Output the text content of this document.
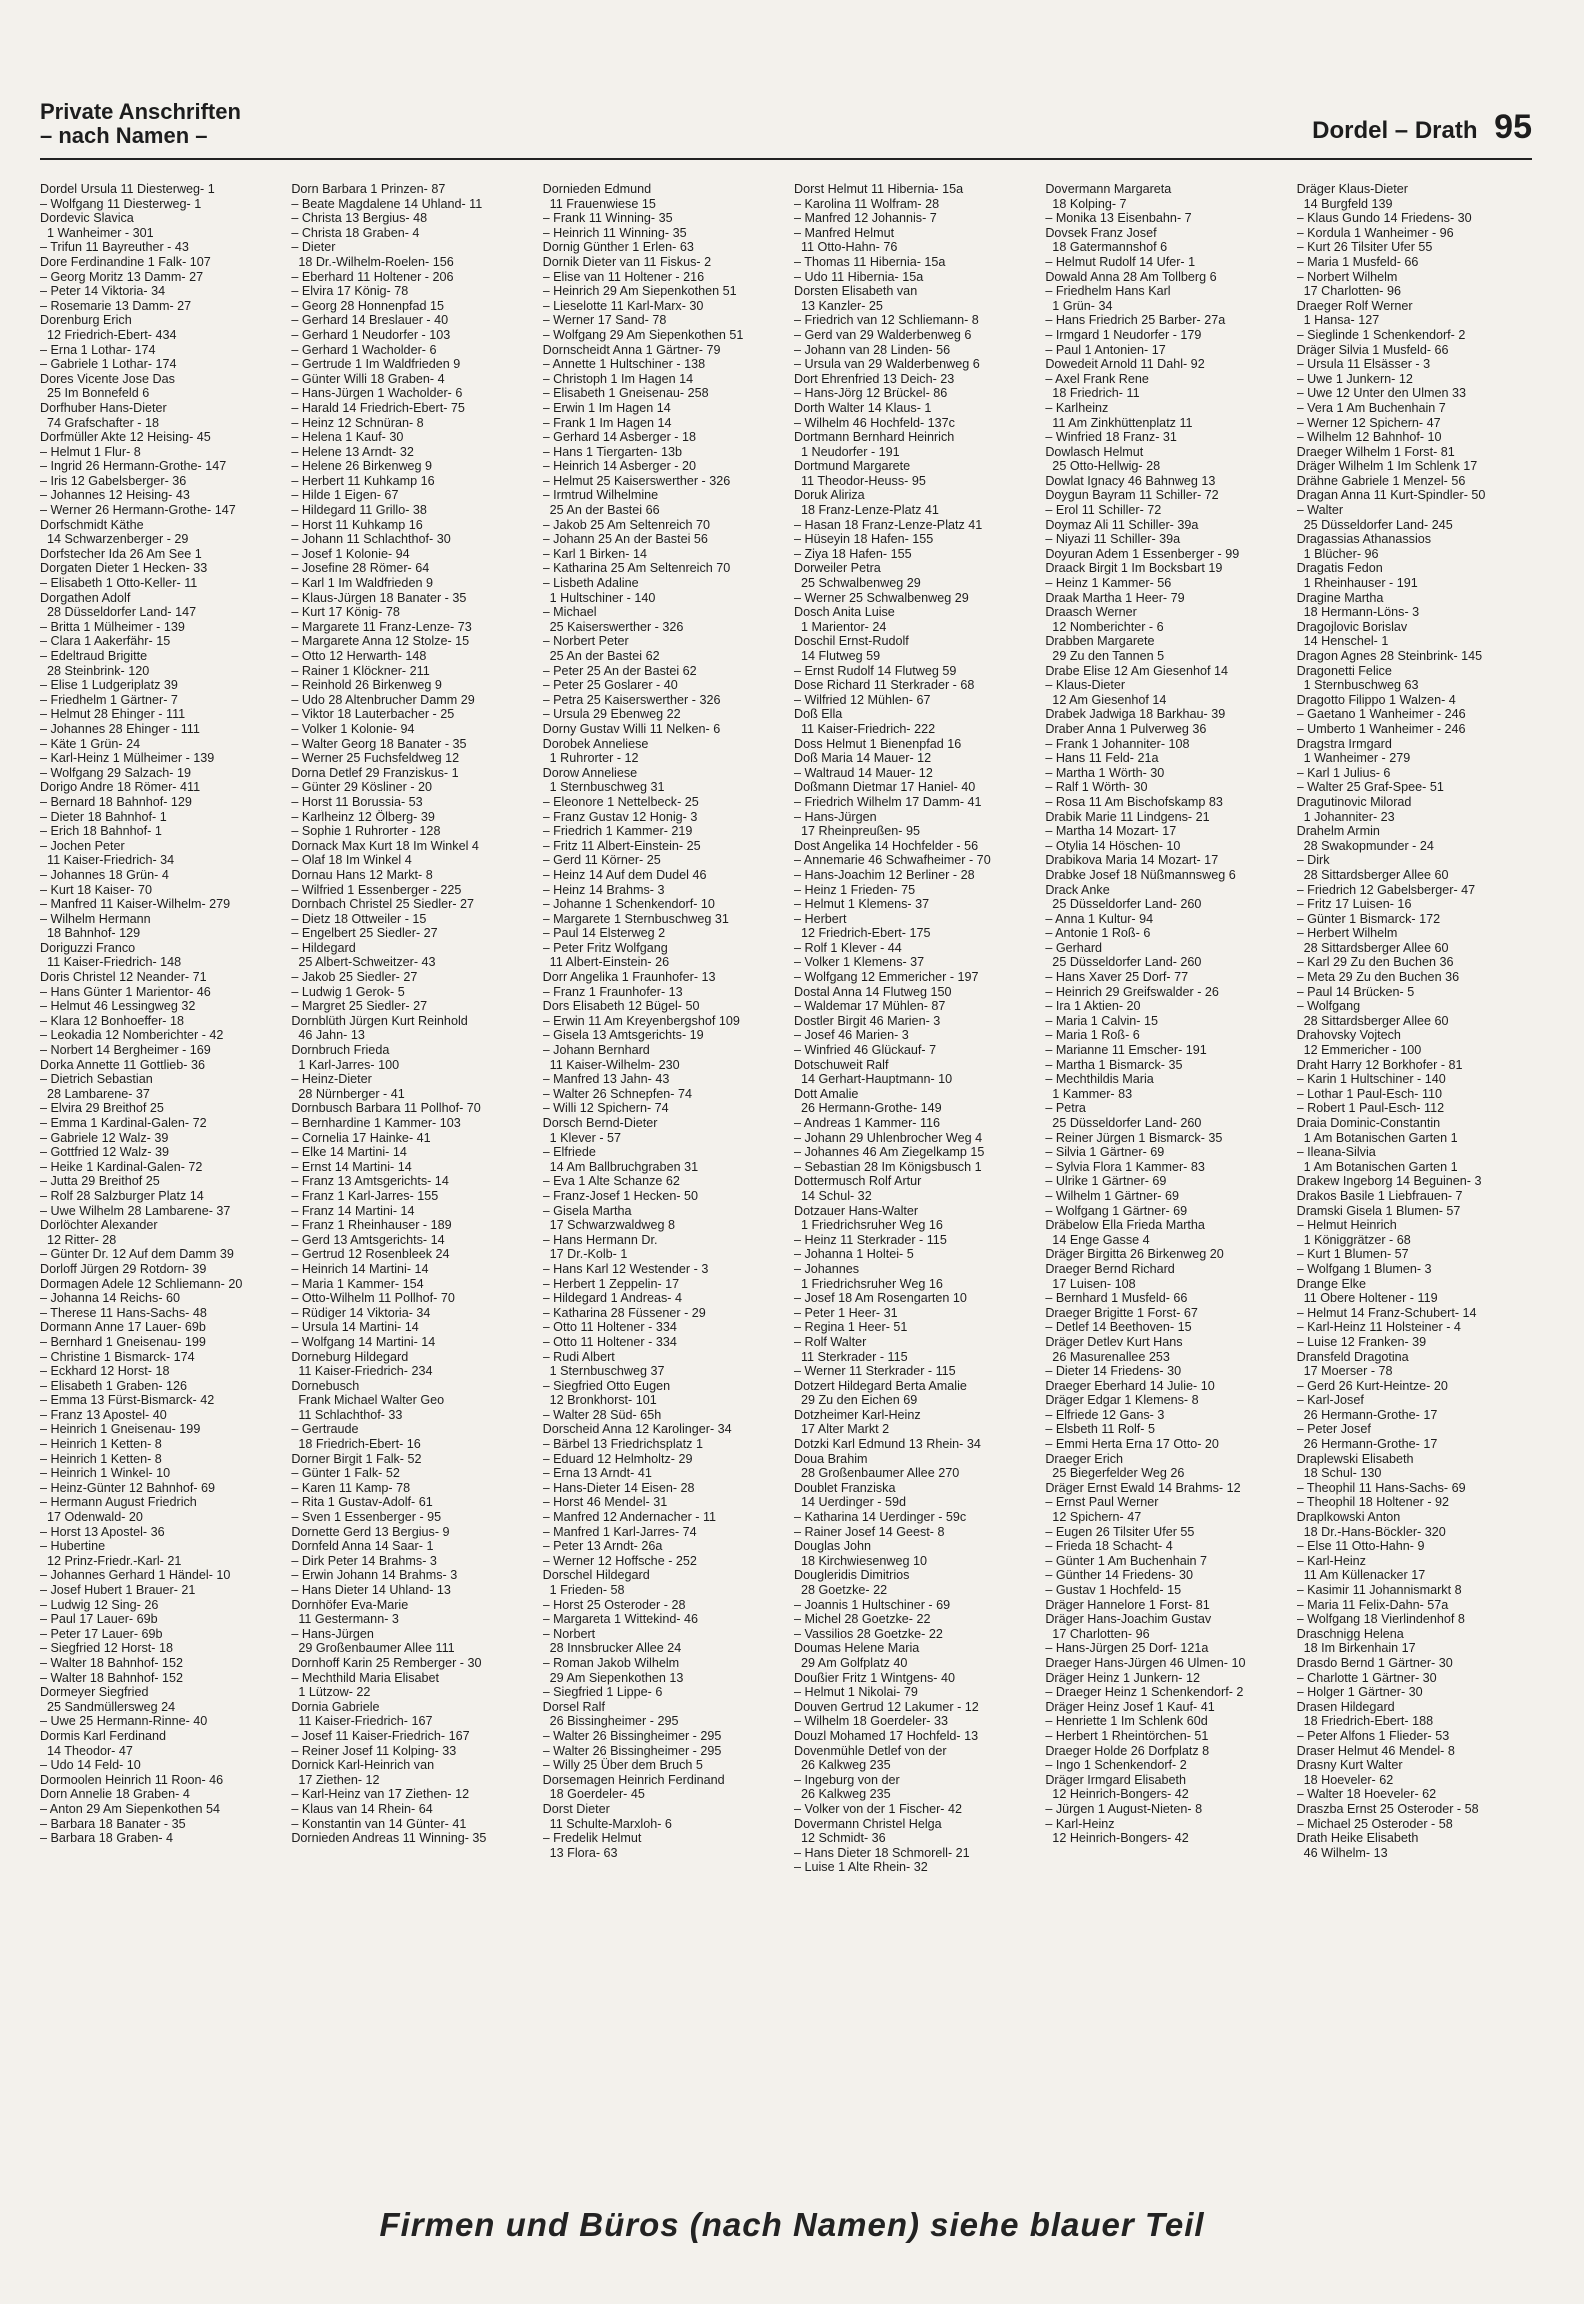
Private Anschriften
– nach Namen –	Dordel – Drath 95
Dordel Ursula 11 Diesterweg- 1
– Wolfgang 11 Diesterweg- 1
Dordevic Slavica
1 Wanheimer - 301
– Trifun 11 Bayreuther - 43
Dore Ferdinandine 1 Falk- 107
– Georg Moritz 13 Damm- 27
– Peter 14 Viktoria- 34
– Rosemarie 13 Damm- 27
Dorenburg Erich
12 Friedrich-Ebert- 434
– Erna 1 Lothar- 174
– Gabriele 1 Lothar- 174
Dores Vicente Jose Das
25 Im Bonnefeld 6
Dorfhuber Hans-Dieter
74 Grafschafter - 18
Dorfmüller Akte 12 Heising- 45
– Helmut 1 Flur- 8
– Ingrid 26 Hermann-Grothe- 147
– Iris 12 Gabelsberger- 36
– Johannes 12 Heising- 43
– Werner 26 Hermann-Grothe- 147
Dorfschmidt Käthe
14 Schwarzenberger - 29
Dorfstecher Ida 26 Am See 1
Dorgaten Dieter 1 Hecken- 33
– Elisabeth 1 Otto-Keller- 11
Dorgathen Adolf
28 Düsseldorfer Land- 147
– Britta 1 Mülheimer - 139
– Clara 1 Aakerfähr- 15
– Edeltraud Brigitte
28 Steinbrink- 120
– Elise 1 Ludgeriplatz 39
– Friedhelm 1 Gärtner- 7
– Helmut 28 Ehinger - 111
– Johannes 28 Ehinger - 111
– Käte 1 Grün- 24
– Karl-Heinz 1 Mülheimer - 139
– Wolfgang 29 Salzach- 19
Dorigo Andre 18 Römer- 411
– Bernard 18 Bahnhof- 129
– Dieter 18 Bahnhof- 1
– Erich 18 Bahnhof- 1
– Jochen Peter
11 Kaiser-Friedrich- 34
– Johannes 18 Grün- 4
– Kurt 18 Kaiser- 70
– Manfred 11 Kaiser-Wilhelm- 279
– Wilhelm Hermann
18 Bahnhof- 129
Doriguzzi Franco
11 Kaiser-Friedrich- 148
Doris Christel 12 Neander- 71
– Hans Günter 1 Marientor- 46
– Helmut 46 Lessingweg 32
– Klara 12 Bonhoeffer- 18
– Leokadia 12 Nomberichter - 42
– Norbert 14 Bergheimer - 169
Dorka Annette 11 Gottlieb- 36
– Dietrich Sebastian
28 Lambarene- 37
– Elvira 29 Breithof 25
– Emma 1 Kardinal-Galen- 72
– Gabriele 12 Walz- 39
– Gottfried 12 Walz- 39
– Heike 1 Kardinal-Galen- 72
– Jutta 29 Breithof 25
– Rolf 28 Salzburger Platz 14
– Uwe Wilhelm 28 Lambarene- 37
Dorlöchter Alexander
12 Ritter- 28
– Günter Dr. 12 Auf dem Damm 39
Dorloff Jürgen 29 Rotdorn- 39
Dormagen Adele 12 Schliemann- 20
– Johanna 14 Reichs- 60
– Therese 11 Hans-Sachs- 48
Dormann Anne 17 Lauer- 69b
– Bernhard 1 Gneisenau- 199
– Christine 1 Bismarck- 174
– Eckhard 12 Horst- 18
– Elisabeth 1 Graben- 126
– Emma 13 Fürst-Bismarck- 42
– Franz 13 Apostel- 40
– Heinrich 1 Gneisenau- 199
– Heinrich 1 Ketten- 8
– Heinrich 1 Ketten- 8
– Heinrich 1 Winkel- 10
– Heinz-Günter 12 Bahnhof- 69
– Hermann August Friedrich
17 Odenwald- 20
– Horst 13 Apostel- 36
– Hubertine
12 Prinz-Friedr.-Karl- 21
– Johannes Gerhard 1 Händel- 10
– Josef Hubert 1 Brauer- 21
– Ludwig 12 Sing- 26
– Paul 17 Lauer- 69b
– Peter 17 Lauer- 69b
– Siegfried 12 Horst- 18
– Walter 18 Bahnhof- 152
– Walter 18 Bahnhof- 152
Dormeyer Siegfried
25 Sandmüllersweg 24
– Uwe 25 Hermann-Rinne- 40
Dormis Karl Ferdinand
14 Theodor- 47
– Udo 14 Feld- 10
Dormoolen Heinrich 11 Roon- 46
Dorn Annelie 18 Graben- 4
– Anton 29 Am Siepenkothen 54
– Barbara 18 Banater - 35
– Barbara 18 Graben- 4
Dorn Barbara 1 Prinzen- 87
– Beate Magdalene 14 Uhland- 11
– Christa 13 Bergius- 48
– Christa 18 Graben- 4
– Dieter
18 Dr.-Wilhelm-Roelen- 156
– Eberhard 11 Holtener - 206
– Elvira 17 König- 78
– Georg 28 Honnenpfad 15
– Gerhard 14 Breslauer - 40
– Gerhard 1 Neudorfer - 103
– Gerhard 1 Wacholder- 6
– Gertrude 1 Im Waldfrieden 9
– Günter Willi 18 Graben- 4
– Hans-Jürgen 1 Wacholder- 6
– Harald 14 Friedrich-Ebert- 75
– Heinz 12 Schnüran- 8
– Helena 1 Kauf- 30
– Helene 13 Arndt- 32
– Helene 26 Birkenweg 9
– Herbert 11 Kuhkamp 16
– Hilde 1 Eigen- 67
– Hildegard 11 Grillo- 38
– Horst 11 Kuhkamp 16
– Johann 11 Schlachthof- 30
– Josef 1 Kolonie- 94
– Josefine 28 Römer- 64
– Karl 1 Im Waldfrieden 9
– Klaus-Jürgen 18 Banater - 35
– Kurt 17 König- 78
– Margarete 11 Franz-Lenze- 73
– Margarete Anna 12 Stolze- 15
– Otto 12 Herwarth- 148
– Rainer 1 Klöckner- 211
– Reinhold 26 Birkenweg 9
– Udo 28 Altenbrucher Damm 29
– Viktor 18 Lauterbacher - 25
– Volker 1 Kolonie- 94
– Walter Georg 18 Banater - 35
– Werner 25 Fuchsfeldweg 12
Dorna Detlef 29 Franziskus- 1
– Günter 29 Kösliner - 20
– Horst 11 Borussia- 53
– Karlheinz 12 Ölberg- 39
– Sophie 1 Ruhrorter - 128
Dornack Max Kurt 18 Im Winkel 4
– Olaf 18 Im Winkel 4
Dornau Hans 12 Markt- 8
– Wilfried 1 Essenberger - 225
Dornbach Christel 25 Siedler- 27
– Dietz 18 Ottweiler - 15
– Engelbert 25 Siedler- 27
– Hildegard
25 Albert-Schweitzer- 43
– Jakob 25 Siedler- 27
– Ludwig 1 Gerok- 5
– Margret 25 Siedler- 27
Dornblüth Jürgen Kurt Reinhold
46 Jahn- 13
Dornbruch Frieda
1 Karl-Jarres- 100
– Heinz-Dieter
28 Nürnberger - 41
Dornbusch Barbara 11 Pollhof- 70
– Bernhardine 1 Kammer- 103
– Cornelia 17 Hainke- 41
– Elke 14 Martini- 14
– Ernst 14 Martini- 14
– Franz 13 Amtsgerichts- 14
– Franz 1 Karl-Jarres- 155
– Franz 14 Martini- 14
– Franz 1 Rheinhauser - 189
– Gerd 13 Amtsgerichts- 14
– Gertrud 12 Rosenbleek 24
– Heinrich 14 Martini- 14
– Maria 1 Kammer- 154
– Otto-Wilhelm 11 Pollhof- 70
– Rüdiger 14 Viktoria- 34
– Ursula 14 Martini- 14
– Wolfgang 14 Martini- 14
Dorneburg Hildegard
11 Kaiser-Friedrich- 234
Dornebusch
Frank Michael Walter Geo
11 Schlachthof- 33
– Gertraude
18 Friedrich-Ebert- 16
Dorner Birgit 1 Falk- 52
– Günter 1 Falk- 52
– Karen 11 Kamp- 78
– Rita 1 Gustav-Adolf- 61
– Sven 1 Essenberger - 95
Dornette Gerd 13 Bergius- 9
Dornfeld Anna 14 Saar- 1
– Dirk Peter 14 Brahms- 3
– Erwin Johann 14 Brahms- 3
– Hans Dieter 14 Uhland- 13
Dornhöfer Eva-Marie
11 Gestermann- 3
– Hans-Jürgen
29 Großenbaumer Allee 111
Dornhoff Karin 25 Remberger - 30
– Mechthild Maria Elisabet
1 Lützow- 22
Dornia Gabriele
11 Kaiser-Friedrich- 167
– Josef 11 Kaiser-Friedrich- 167
– Reiner Josef 11 Kolping- 33
Dornick Karl-Heinrich van
17 Ziethen- 12
– Karl-Heinz van 17 Ziethen- 12
– Klaus van 14 Rhein- 64
– Konstantin van 14 Günter- 41
Dornieden Andreas 11 Winning- 35
Dornieden Edmund
11 Frauenwiese 15
– Frank 11 Winning- 35
– Heinrich 11 Winning- 35
Dornig Günther 1 Erlen- 63
Dornik Dieter van 11 Fiskus- 2
– Elise van 11 Holtener - 216
– Heinrich 29 Am Siepenkothen 51
– Lieselotte 11 Karl-Marx- 30
– Werner 17 Sand- 78
– Wolfgang 29 Am Siepenkothen 51
Dornscheidt Anna 1 Gärtner- 79
– Annette 1 Hultschiner - 138
– Christoph 1 Im Hagen 14
– Elisabeth 1 Gneisenau- 258
– Erwin 1 Im Hagen 14
– Frank 1 Im Hagen 14
– Gerhard 14 Asberger - 18
– Hans 1 Tiergarten- 13b
– Heinrich 14 Asberger - 20
– Helmut 25 Kaiserswerther - 326
– Irmtrud Wilhelmine
25 An der Bastei 66
– Jakob 25 Am Seltenreich 70
– Johann 25 An der Bastei 56
– Karl 1 Birken- 14
– Katharina 25 Am Seltenreich 70
– Lisbeth Adaline
1 Hultschiner - 140
– Michael
25 Kaiserswerther - 326
– Norbert Peter
25 An der Bastei 62
– Peter 25 An der Bastei 62
– Peter 25 Goslarer - 40
– Petra 25 Kaiserswerther - 326
– Ursula 29 Ebenweg 22
Dorny Gustav Willi 11 Nelken- 6
Dorobek Anneliese
1 Ruhrorter - 12
Dorow Anneliese
1 Sternbuschweg 31
– Eleonore 1 Nettelbeck- 25
– Franz Gustav 12 Honig- 3
– Friedrich 1 Kammer- 219
– Fritz 11 Albert-Einstein- 25
– Gerd 11 Körner- 25
– Heinz 14 Auf dem Dudel 46
– Heinz 14 Brahms- 3
– Johanne 1 Schenkendorf- 10
– Margarete 1 Sternbuschweg 31
– Paul 14 Elsterweg 2
– Peter Fritz Wolfgang
11 Albert-Einstein- 26
Dorr Angelika 1 Fraunhofer- 13
– Franz 1 Fraunhofer- 13
Dors Elisabeth 12 Bügel- 50
– Erwin 11 Am Kreyenbergshof 109
– Gisela 13 Amtsgerichts- 19
– Johann Bernhard
11 Kaiser-Wilhelm- 230
– Manfred 13 Jahn- 43
– Walter 26 Schnepfen- 74
– Willi 12 Spichern- 74
Dorsch Bernd-Dieter
1 Klever - 57
– Elfriede
14 Am Ballbruchgraben 31
– Eva 1 Alte Schanze 62
– Franz-Josef 1 Hecken- 50
– Gisela Martha
17 Schwarzwaldweg 8
– Hans Hermann Dr.
17 Dr.-Kolb- 1
– Hans Karl 12 Westender - 3
– Herbert 1 Zeppelin- 17
– Hildegard 1 Andreas- 4
– Katharina 28 Füssener - 29
– Otto 11 Holtener - 334
– Otto 11 Holtener - 334
– Rudi Albert
1 Sternbuschweg 37
– Siegfried Otto Eugen
12 Bronkhorst- 101
– Walter 28 Süd- 65h
Dorscheid Anna 12 Karolinger- 34
– Bärbel 13 Friedrichsplatz 1
– Eduard 12 Helmholtz- 29
– Erna 13 Arndt- 41
– Hans-Dieter 14 Eisen- 28
– Horst 46 Mendel- 31
– Manfred 12 Andernacher - 11
– Manfred 1 Karl-Jarres- 74
– Peter 13 Arndt- 26a
– Werner 12 Hoffsche - 252
Dorschel Hildegard
1 Frieden- 58
– Horst 25 Osteroder - 28
– Margareta 1 Wittekind- 46
– Norbert
28 Innsbrucker Allee 24
– Roman Jakob Wilhelm
29 Am Siepenkothen 13
– Siegfried 1 Lippe- 6
Dorsel Ralf
26 Bissingheimer - 295
– Walter 26 Bissingheimer - 295
– Walter 26 Bissingheimer - 295
– Willy 25 Über dem Bruch 5
Dorsemagen Heinrich Ferdinand
18 Goerdeler- 45
Dorst Dieter
11 Schulte-Marxloh- 6
– Fredelik Helmut
13 Flora- 63
Dorst Helmut 11 Hibernia- 15a
– Karolina 11 Wolfram- 28
– Manfred 12 Johannis- 7
– Manfred Helmut
11 Otto-Hahn- 76
– Thomas 11 Hibernia- 15a
– Udo 11 Hibernia- 15a
Dorsten Elisabeth van
13 Kanzler- 25
– Friedrich van 12 Schliemann- 8
– Gerd van 29 Walderbenweg 6
– Johann van 28 Linden- 56
– Ursula van 29 Walderbenweg 6
Dort Ehrenfried 13 Deich- 23
– Hans-Jörg 12 Brückel- 86
Dorth Walter 14 Klaus- 1
– Wilhelm 46 Hochfeld- 137c
Dortmann Bernhard Heinrich
1 Neudorfer - 191
Dortmund Margarete
11 Theodor-Heuss- 95
Doruk Aliriza
18 Franz-Lenze-Platz 41
– Hasan 18 Franz-Lenze-Platz 41
– Hüseyin 18 Hafen- 155
– Ziya 18 Hafen- 155
Dorweiler Petra
25 Schwalbenweg 29
– Werner 25 Schwalbenweg 29
Dosch Anita Luise
1 Marientor- 24
Doschil Ernst-Rudolf
14 Flutweg 59
– Ernst Rudolf 14 Flutweg 59
Dose Richard 11 Sterkrader - 68
– Wilfried 12 Mühlen- 67
Doß Ella
11 Kaiser-Friedrich- 222
Doss Helmut 1 Bienenpfad 16
Doß Maria 14 Mauer- 12
– Waltraud 14 Mauer- 12
Doßmann Dietmar 17 Haniel- 40
– Friedrich Wilhelm 17 Damm- 41
– Hans-Jürgen
17 Rheinpreußen- 95
Dost Angelika 14 Hochfelder - 56
– Annemarie 46 Schwafheimer - 70
– Hans-Joachim 12 Berliner - 28
– Heinz 1 Frieden- 75
– Helmut 1 Klemens- 37
– Herbert
12 Friedrich-Ebert- 175
– Rolf 1 Klever - 44
– Volker 1 Klemens- 37
– Wolfgang 12 Emmericher - 197
Dostal Anna 14 Flutweg 150
– Waldemar 17 Mühlen- 87
Dostler Birgit 46 Marien- 3
– Josef 46 Marien- 3
– Winfried 46 Glückauf- 7
Dotschuweit Ralf
14 Gerhart-Hauptmann- 10
Dott Amalie
26 Hermann-Grothe- 149
– Andreas 1 Kammer- 116
– Johann 29 Uhlenbrocher Weg 4
– Johannes 46 Am Ziegelkamp 15
– Sebastian 28 Im Königsbusch 1
Dottermusch Rolf Artur
14 Schul- 32
Dotzauer Hans-Walter
1 Friedrichsruher Weg 16
– Heinz 11 Sterkrader - 115
– Johanna 1 Holtei- 5
– Johannes
1 Friedrichsruher Weg 16
– Josef 18 Am Rosengarten 10
– Peter 1 Heer- 31
– Regina 1 Heer- 51
– Rolf Walter
11 Sterkrader - 115
– Werner 11 Sterkrader - 115
Dotzert Hildegard Berta Amalie
29 Zu den Eichen 69
Dotzheimer Karl-Heinz
17 Alter Markt 2
Dotzki Karl Edmund 13 Rhein- 34
Doua Brahim
28 Großenbaumer Allee 270
Doublet Franziska
14 Uerdinger - 59d
– Katharina 14 Uerdinger - 59c
– Rainer Josef 14 Geest- 8
Douglas John
18 Kirchwiesenweg 10
Dougleridis Dimitrios
28 Goetzke- 22
– Joannis 1 Hultschiner - 69
– Michel 28 Goetzke- 22
– Vassilios 28 Goetzke- 22
Doumas Helene Maria
29 Am Golfplatz 40
Doußier Fritz 1 Wintgens- 40
– Helmut 1 Nikolai- 79
Douven Gertrud 12 Lakumer - 12
– Wilhelm 18 Goerdeler- 33
Douzl Mohamed 17 Hochfeld- 13
Dovenmühle Detlef von der
26 Kalkweg 235
– Ingeburg von der
26 Kalkweg 235
– Volker von der 1 Fischer- 42
Dovermann Christel Helga
12 Schmidt- 36
– Hans Dieter 18 Schmorell- 21
– Luise 1 Alte Rhein- 32
Dovermann Margareta
18 Kolping- 7
– Monika 13 Eisenbahn- 7
Dovsek Franz Josef
18 Gatermannshof 6
– Helmut Rudolf 14 Ufer- 1
Dowald Anna 28 Am Tollberg 6
– Friedhelm Hans Karl
1 Grün- 34
– Hans Friedrich 25 Barber- 27a
– Irmgard 1 Neudorfer - 179
– Paul 1 Antonien- 17
Dowedeit Arnold 11 Dahl- 92
– Axel Frank Rene
18 Friedrich- 11
– Karlheinz
11 Am Zinkhüttenplatz 11
– Winfried 18 Franz- 31
Dowlasch Helmut
25 Otto-Hellwig- 28
Dowlat Ignacy 46 Bahnweg 13
Doygun Bayram 11 Schiller- 72
– Erol 11 Schiller- 72
Doymaz Ali 11 Schiller- 39a
– Niyazi 11 Schiller- 39a
Doyuran Adem 1 Essenberger - 99
Draack Birgit 1 Im Bocksbart 19
– Heinz 1 Kammer- 56
Draak Martha 1 Heer- 79
Draasch Werner
12 Nomberichter - 6
Drabben Margarete
29 Zu den Tannen 5
Drabe Elise 12 Am Giesenhof 14
– Klaus-Dieter
12 Am Giesenhof 14
Drabek Jadwiga 18 Barkhau- 39
Draber Anna 1 Pulverweg 36
– Frank 1 Johanniter- 108
– Hans 11 Feld- 21a
– Martha 1 Wörth- 30
– Ralf 1 Wörth- 30
– Rosa 11 Am Bischofskamp 83
Drabik Marie 11 Lindgens- 21
– Martha 14 Mozart- 17
– Otylia 14 Höschen- 10
Drabikova Maria 14 Mozart- 17
Drabke Josef 18 Nüßmannsweg 6
Drack Anke
25 Düsseldorfer Land- 260
– Anna 1 Kultur- 94
– Antonie 1 Roß- 6
– Gerhard
25 Düsseldorfer Land- 260
– Hans Xaver 25 Dorf- 77
– Heinrich 29 Greifswalder - 26
– Ira 1 Aktien- 20
– Maria 1 Calvin- 15
– Maria 1 Roß- 6
– Marianne 11 Emscher- 191
– Martha 1 Bismarck- 35
– Mechthildis Maria
1 Kammer- 83
– Petra
25 Düsseldorfer Land- 260
– Reiner Jürgen 1 Bismarck- 35
– Silvia 1 Gärtner- 69
– Sylvia Flora 1 Kammer- 83
– Ulrike 1 Gärtner- 69
– Wilhelm 1 Gärtner- 69
– Wolfgang 1 Gärtner- 69
Dräbelow Ella Frieda Martha
14 Enge Gasse 4
Dräger Birgitta 26 Birkenweg 20
Draeger Bernd Richard
17 Luisen- 108
– Bernhard 1 Musfeld- 66
Draeger Brigitte 1 Forst- 67
– Detlef 14 Beethoven- 15
Dräger Detlev Kurt Hans
26 Masurenallee 253
– Dieter 14 Friedens- 30
Draeger Eberhard 14 Julie- 10
Dräger Edgar 1 Klemens- 8
– Elfriede 12 Gans- 3
– Elsbeth 11 Rolf- 5
– Emmi Herta Erna 17 Otto- 20
Draeger Erich
25 Biegerfelder Weg 26
Dräger Ernst Ewald 14 Brahms- 12
– Ernst Paul Werner
12 Spichern- 47
– Eugen 26 Tilsiter Ufer 55
– Frieda 18 Schacht- 4
– Günter 1 Am Buchenhain 7
– Günther 14 Friedens- 30
– Gustav 1 Hochfeld- 15
Dräger Hannelore 1 Forst- 81
Dräger Hans-Joachim Gustav
17 Charlotten- 96
– Hans-Jürgen 25 Dorf- 121a
Draeger Hans-Jürgen 46 Ulmen- 10
Dräger Heinz 1 Junkern- 12
– Draeger Heinz 1 Schenkendorf- 2
Dräger Heinz Josef 1 Kauf- 41
– Henriette 1 Im Schlenk 60d
– Herbert 1 Rheintörchen- 51
Draeger Holde 26 Dorfplatz 8
– Ingo 1 Schenkendorf- 2
Dräger Irmgard Elisabeth
12 Heinrich-Bongers- 42
– Jürgen 1 August-Nieten- 8
– Karl-Heinz
12 Heinrich-Bongers- 42
Dräger Klaus-Dieter
14 Burgfeld 139
– Klaus Gundo 14 Friedens- 30
– Kordula 1 Wanheimer - 96
– Kurt 26 Tilsiter Ufer 55
– Maria 1 Musfeld- 66
– Norbert Wilhelm
17 Charlotten- 96
Draeger Rolf Werner
1 Hansa- 127
– Sieglinde 1 Schenkendorf- 2
Dräger Silvia 1 Musfeld- 66
– Ursula 11 Elsässer - 3
– Uwe 1 Junkern- 12
– Uwe 12 Unter den Ulmen 33
– Vera 1 Am Buchenhain 7
– Werner 12 Spichern- 47
– Wilhelm 12 Bahnhof- 10
Draeger Wilhelm 1 Forst- 81
Dräger Wilhelm 1 Im Schlenk 17
Drähne Gabriele 1 Menzel- 56
Dragan Anna 11 Kurt-Spindler- 50
– Walter
25 Düsseldorfer Land- 245
Dragassias Athanassios
1 Blücher- 96
Dragatis Fedon
1 Rheinhauser - 191
Dragine Martha
18 Hermann-Löns- 3
Dragojlovic Borislav
14 Henschel- 1
Dragon Agnes 28 Steinbrink- 145
Dragonetti Felice
1 Sternbuschweg 63
Dragotto Filippo 1 Walzen- 4
– Gaetano 1 Wanheimer - 246
– Umberto 1 Wanheimer - 246
Dragstra Irmgard
1 Wanheimer - 279
– Karl 1 Julius- 6
– Walter 25 Graf-Spee- 51
Dragutinovic Milorad
1 Johanniter- 23
Drahelm Armin
28 Swakopmunder - 24
– Dirk
28 Sittardsberger Allee 60
– Friedrich 12 Gabelsberger- 47
– Fritz 17 Luisen- 16
– Günter 1 Bismarck- 172
– Herbert Wilhelm
28 Sittardsberger Allee 60
– Karl 29 Zu den Buchen 36
– Meta 29 Zu den Buchen 36
– Paul 14 Brücken- 5
– Wolfgang
28 Sittardsberger Allee 60
Drahovsky Vojtech
12 Emmericher - 100
Draht Harry 12 Borkhofer - 81
– Karin 1 Hultschiner - 140
– Lothar 1 Paul-Esch- 110
– Robert 1 Paul-Esch- 112
Draia Dominic-Constantin
1 Am Botanischen Garten 1
– Ileana-Silvia
1 Am Botanischen Garten 1
Drakew Ingeborg 14 Beguinen- 3
Drakos Basile 1 Liebfrauen- 7
Dramski Gisela 1 Blumen- 57
– Helmut Heinrich
1 Königgrätzer - 68
– Kurt 1 Blumen- 57
– Wolfgang 1 Blumen- 3
Drange Elke
11 Obere Holtener - 119
– Helmut 14 Franz-Schubert- 14
– Karl-Heinz 11 Holsteiner - 4
– Luise 12 Franken- 39
Dransfeld Dragotina
17 Moerser - 78
– Gerd 26 Kurt-Heintze- 20
– Karl-Josef
26 Hermann-Grothe- 17
– Peter Josef
26 Hermann-Grothe- 17
Draplewski Elisabeth
18 Schul- 130
– Theophil 11 Hans-Sachs- 69
– Theophil 18 Holtener - 92
Draplkowski Anton
18 Dr.-Hans-Böckler- 320
– Else 11 Otto-Hahn- 9
– Karl-Heinz
11 Am Küllenacker 17
– Kasimir 11 Johannismarkt 8
– Maria 11 Felix-Dahn- 57a
– Wolfgang 18 Vierlindenhof 8
Draschnigg Helena
18 Im Birkenhain 17
Drasdo Bernd 1 Gärtner- 30
– Charlotte 1 Gärtner- 30
– Holger 1 Gärtner- 30
Drasen Hildegard
18 Friedrich-Ebert- 188
– Peter Alfons 1 Flieder- 53
Draser Helmut 46 Mendel- 8
Drasny Kurt Walter
18 Hoeveler- 62
– Walter 18 Hoeveler- 62
Draszba Ernst 25 Osteroder - 58
– Michael 25 Osteroder - 58
Drath Heike Elisabeth
46 Wilhelm- 13
Firmen und Büros (nach Namen) siehe blauer Teil
